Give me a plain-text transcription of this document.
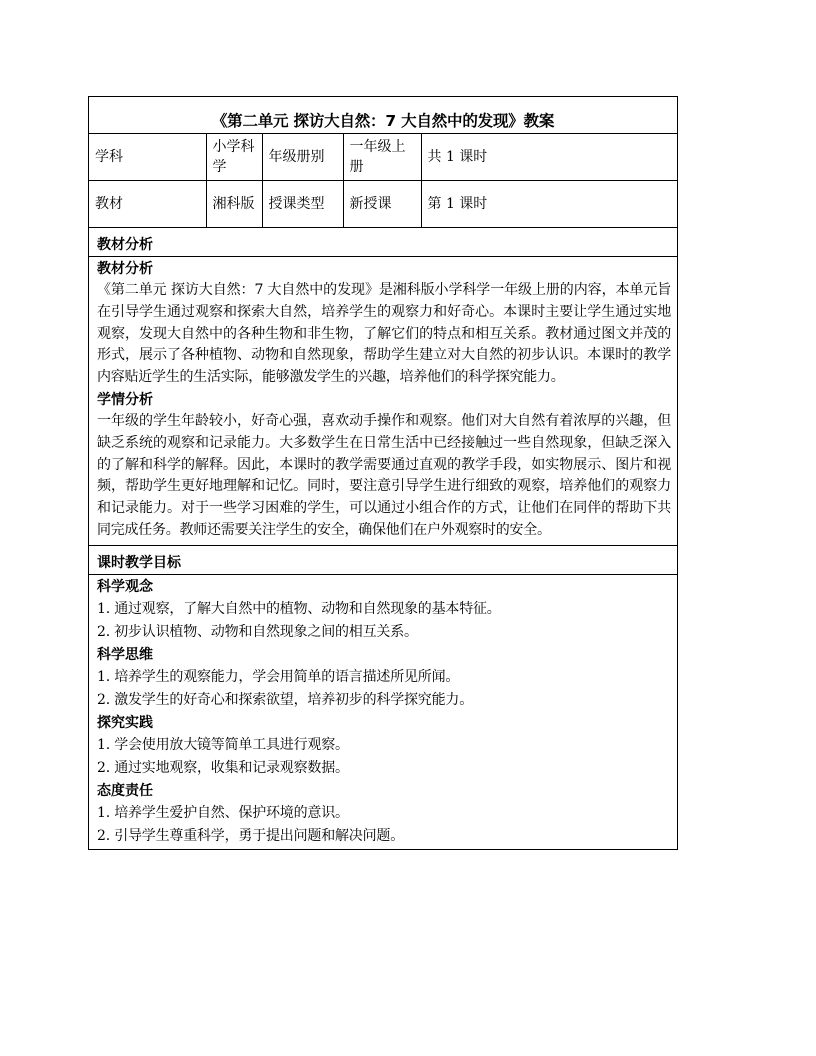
《第二单元 探访大自然：7 大自然中的发现》教案
学科	小学科学	年级册别	一年级上册	共 1 课时
教材	湘科版	授课类型	新授课	第 1 课时
教材分析
教材分析
《第二单元 探访大自然：7 大自然中的发现》是湘科版小学科学一年级上册的内容，本单元旨在引导学生通过观察和探索大自然，培养学生的观察力和好奇心。本课时主要让学生通过实地观察，发现大自然中的各种生物和非生物，了解它们的特点和相互关系。教材通过图文并茂的形式，展示了各种植物、动物和自然现象，帮助学生建立对大自然的初步认识。本课时的教学内容贴近学生的生活实际，能够激发学生的兴趣，培养他们的科学探究能力。
学情分析
一年级的学生年龄较小，好奇心强，喜欢动手操作和观察。他们对大自然有着浓厚的兴趣，但缺乏系统的观察和记录能力。大多数学生在日常生活中已经接触过一些自然现象，但缺乏深入的了解和科学的解释。因此，本课时的教学需要通过直观的教学手段，如实物展示、图片和视频，帮助学生更好地理解和记忆。同时，要注意引导学生进行细致的观察，培养他们的观察力和记录能力。对于一些学习困难的学生，可以通过小组合作的方式，让他们在同伴的帮助下共同完成任务。教师还需要关注学生的安全，确保他们在户外观察时的安全。
课时教学目标
科学观念
1. 通过观察，了解大自然中的植物、动物和自然现象的基本特征。
2. 初步认识植物、动物和自然现象之间的相互关系。
科学思维
1. 培养学生的观察能力，学会用简单的语言描述所见所闻。
2. 激发学生的好奇心和探索欲望，培养初步的科学探究能力。
探究实践
1. 学会使用放大镜等简单工具进行观察。
2. 通过实地观察，收集和记录观察数据。
态度责任
1. 培养学生爱护自然、保护环境的意识。
2. 引导学生尊重科学，勇于提出问题和解决问题。
